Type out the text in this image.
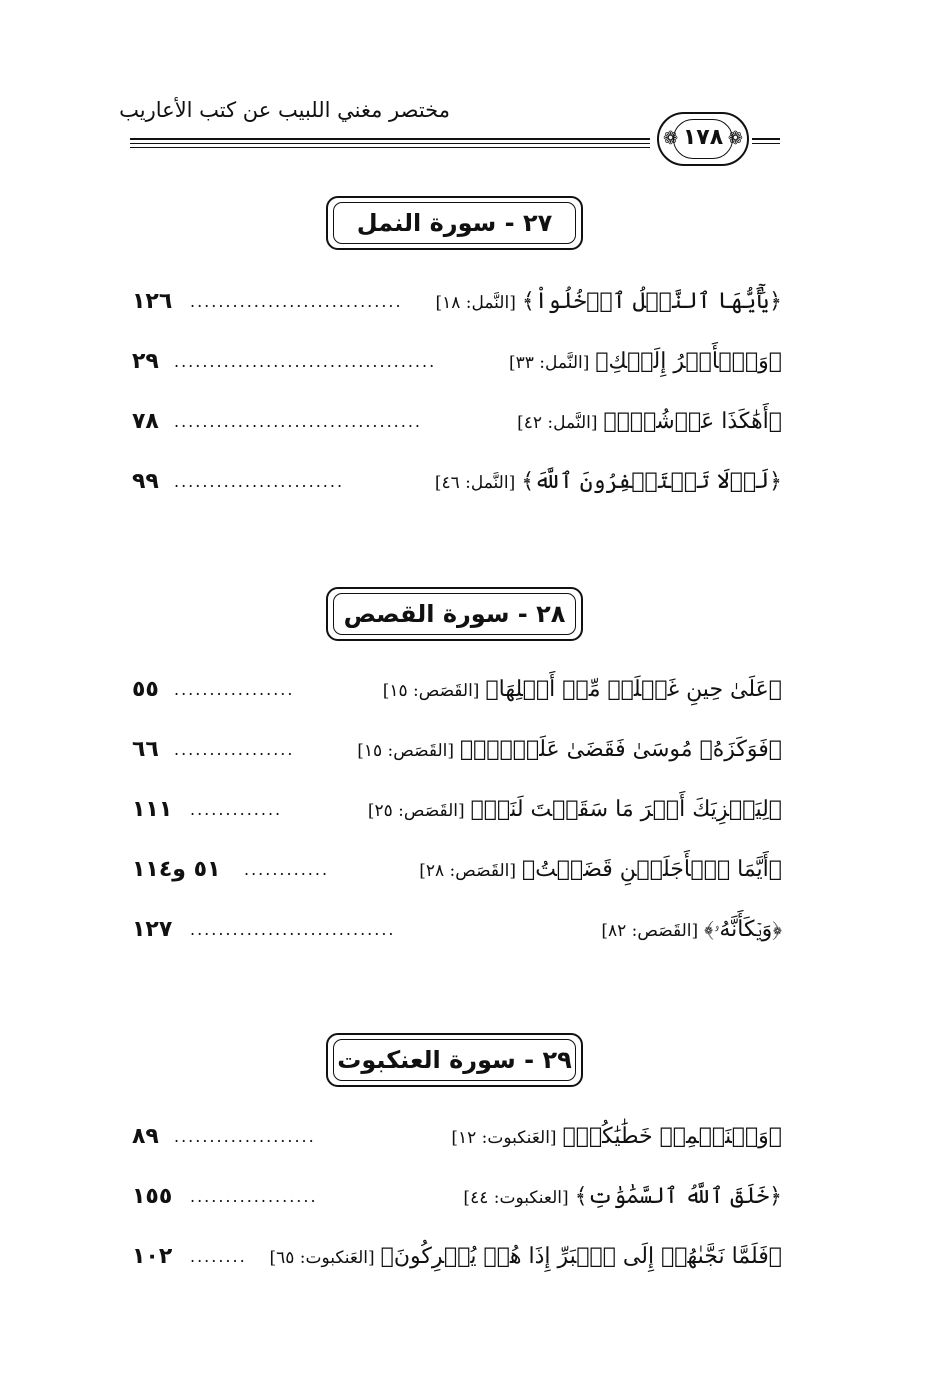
مختصر مغني اللبيب عن كتب الأعاريب
❁ ١٧٨ ❁
٢٧ - سورة النمل
﴿يَٰٓأَيُّهَا ٱلنَّمۡلُ ٱدۡخُلُواْ﴾[النَّمل: ١٨]
..............................
١٢٦
﴿وَٱلۡأَمۡرُ إِلَيۡكِ﴾[النَّمل: ٣٣]
.....................................
٢٩
﴿أَهَٰكَذَا عَرۡشُكِۖ﴾[النَّمل: ٤٢]
...................................
٧٨
﴿لَوۡلَا تَسۡتَغۡفِرُونَ ٱللَّهَ﴾[النَّمل: ٤٦]
........................
٩٩
٢٨ - سورة القصص
﴿عَلَىٰ حِينِ غَفۡلَةٖ مِّنۡ أَهۡلِهَا﴾[القَصَص: ١٥]
.................
٥٥
﴿فَوَكَزَهُۥ مُوسَىٰ فَقَضَىٰ عَلَيۡهِۖ﴾[القَصَص: ١٥]
.................
٦٦
﴿لِيَجۡزِيَكَ أَجۡرَ مَا سَقَيۡتَ لَنَاۚ﴾[القَصَص: ٢٥]
.............
١١١
﴿أَيَّمَا ٱلۡأَجَلَيۡنِ قَضَيۡتُ﴾[القَصَص: ٢٨]
............
٥١ و١١٤
﴿وَيۡكَأَنَّهُۥ﴾[القَصَص: ٨٢]
.............................
١٢٧
٢٩ - سورة العنكبوت
﴿وَلۡنَحۡمِلۡ خَطَٰيَٰكُمۡ﴾[العَنكبوت: ١٢]
....................
٨٩
﴿خَلَقَ ٱللَّهُ ٱلسَّمَٰوَٰتِ﴾[العنكبوت: ٤٤]
..................
١٥٥
﴿فَلَمَّا نَجَّىٰهُمۡ إِلَى ٱلۡبَرِّ إِذَا هُمۡ يُشۡرِكُونَ﴾[العَنكبوت: ٦٥]
........
١٠٢
